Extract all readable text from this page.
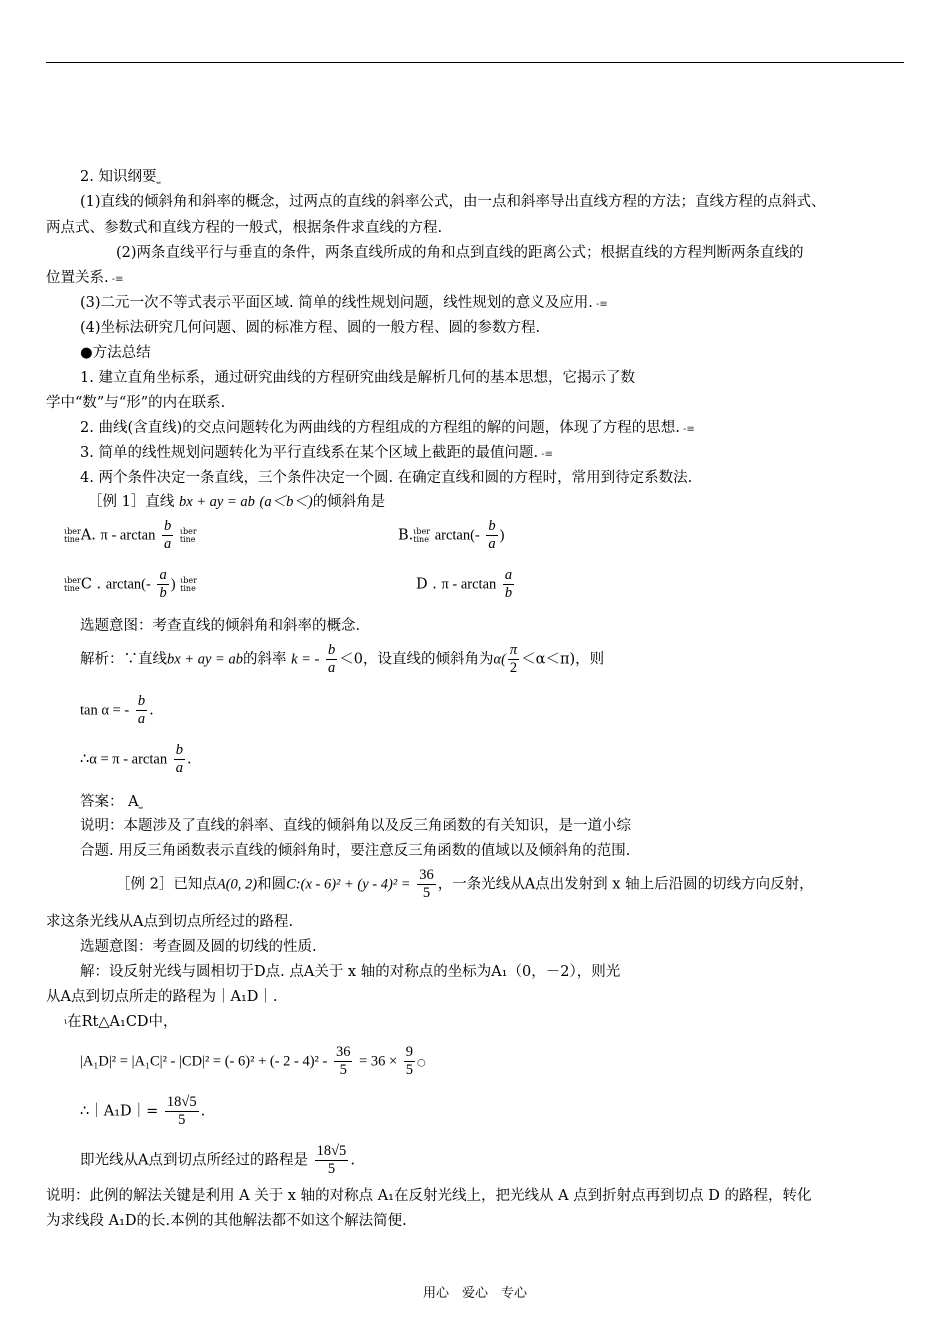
2. 知识纲要⎵
(1)直线的倾斜角和斜率的概念，过两点的直线的斜率公式，由一点和斜率导出直线方程的方法；直线方程的点斜式、
两点式、参数式和直线方程的一般式，根据条件求直线的方程.
(2)两条直线平行与垂直的条件，两条直线所成的角和点到直线的距离公式；根据直线的方程判断两条直线的
位置关系. -≡
(3)二元一次不等式表示平面区域. 简单的线性规划问题，线性规划的意义及应用. -≡
(4)坐标法研究几何问题、圆的标准方程、圆的一般方程、圆的参数方程.
●方法总结
1. 建立直角坐标系，通过研究曲线的方程研究曲线是解析几何的基本思想，它揭示了数
学中“数”与“形”的内在联系.
2. 曲线(含直线)的交点问题转化为两曲线的方程组成的方程组的解的问题，体现了方程的思想. -≡
3. 简单的线性规划问题转化为平行直线系在某个区域上截距的最值问题. -≡
4. 两个条件决定一条直线，三个条件决定一个圆. 在确定直线和圆的方程时，常用到待定系数法.
［例 1］直线 bx + ay = ab (a＜b＜)的倾斜角是
ιber
tineA. π - $\arctan \frac{b}{a}$ ιber
tine	B.ιber
tine $\arctan(- \frac{b}{a}$ )
ιber
tineC . $\arctan(- \frac{a}{b}$ ) ιber
tine	D . π - $\arctan \frac{a}{b}$
选题意图：考查直线的倾斜角和斜率的概念.
解析：∵直线bx + ay = ab的斜率 k = - $\frac{b}{a} <0$，设直线的倾斜角为$\alpha( \frac{\pi}{2} <\alpha<\pi)$，则
tan α = - $\frac{b}{a}$ .
∴α = π - $\arctan \frac{b}{a}$ .
答案： A⎵
说明：本题涉及了直线的斜率、直线的倾斜角以及反三角函数的有关知识，是一道小综
合题. 用反三角函数表示直线的倾斜角时，要注意反三角函数的值域以及倾斜角的范围.
［例 2］已知点A(0, 2)和圆C:(x - $6)^2 + (y - 4)^2 = \frac{36}{5}$ ，一条光线从A点出发射到 x 轴上后沿圆的切线方向反射，
求这条光线从A点到切点所经过的路程.
选题意图：考查圆及圆的切线的性质.
解：设反射光线与圆相切于D点. 点A关于 x 轴的对称点的坐标为A₁（0，－2），则光
从A点到切点所走的路程为｜A₁D｜.
ι在Rt△A₁CD中，
|A₁D|² = |A₁C|² - |CD|² = (- 6)² + (- $2 - 4)^2 - \frac{36}{5} = 36 \times \frac{9}{5}$ ○
∴｜A₁D｜= $\frac{18√5}{5}$ .
即光线从A点到切点所经过的路程是 $\frac{18√5}{5}$ .
说明：此例的解法关键是利用 A 关于 x 轴的对称点 A₁在反射光线上，把光线从 A 点到折射点再到切点 D 的路程，转化
为求线段 A₁D的长.本例的其他解法都不如这个解法简便.
用心　爱心　专心
